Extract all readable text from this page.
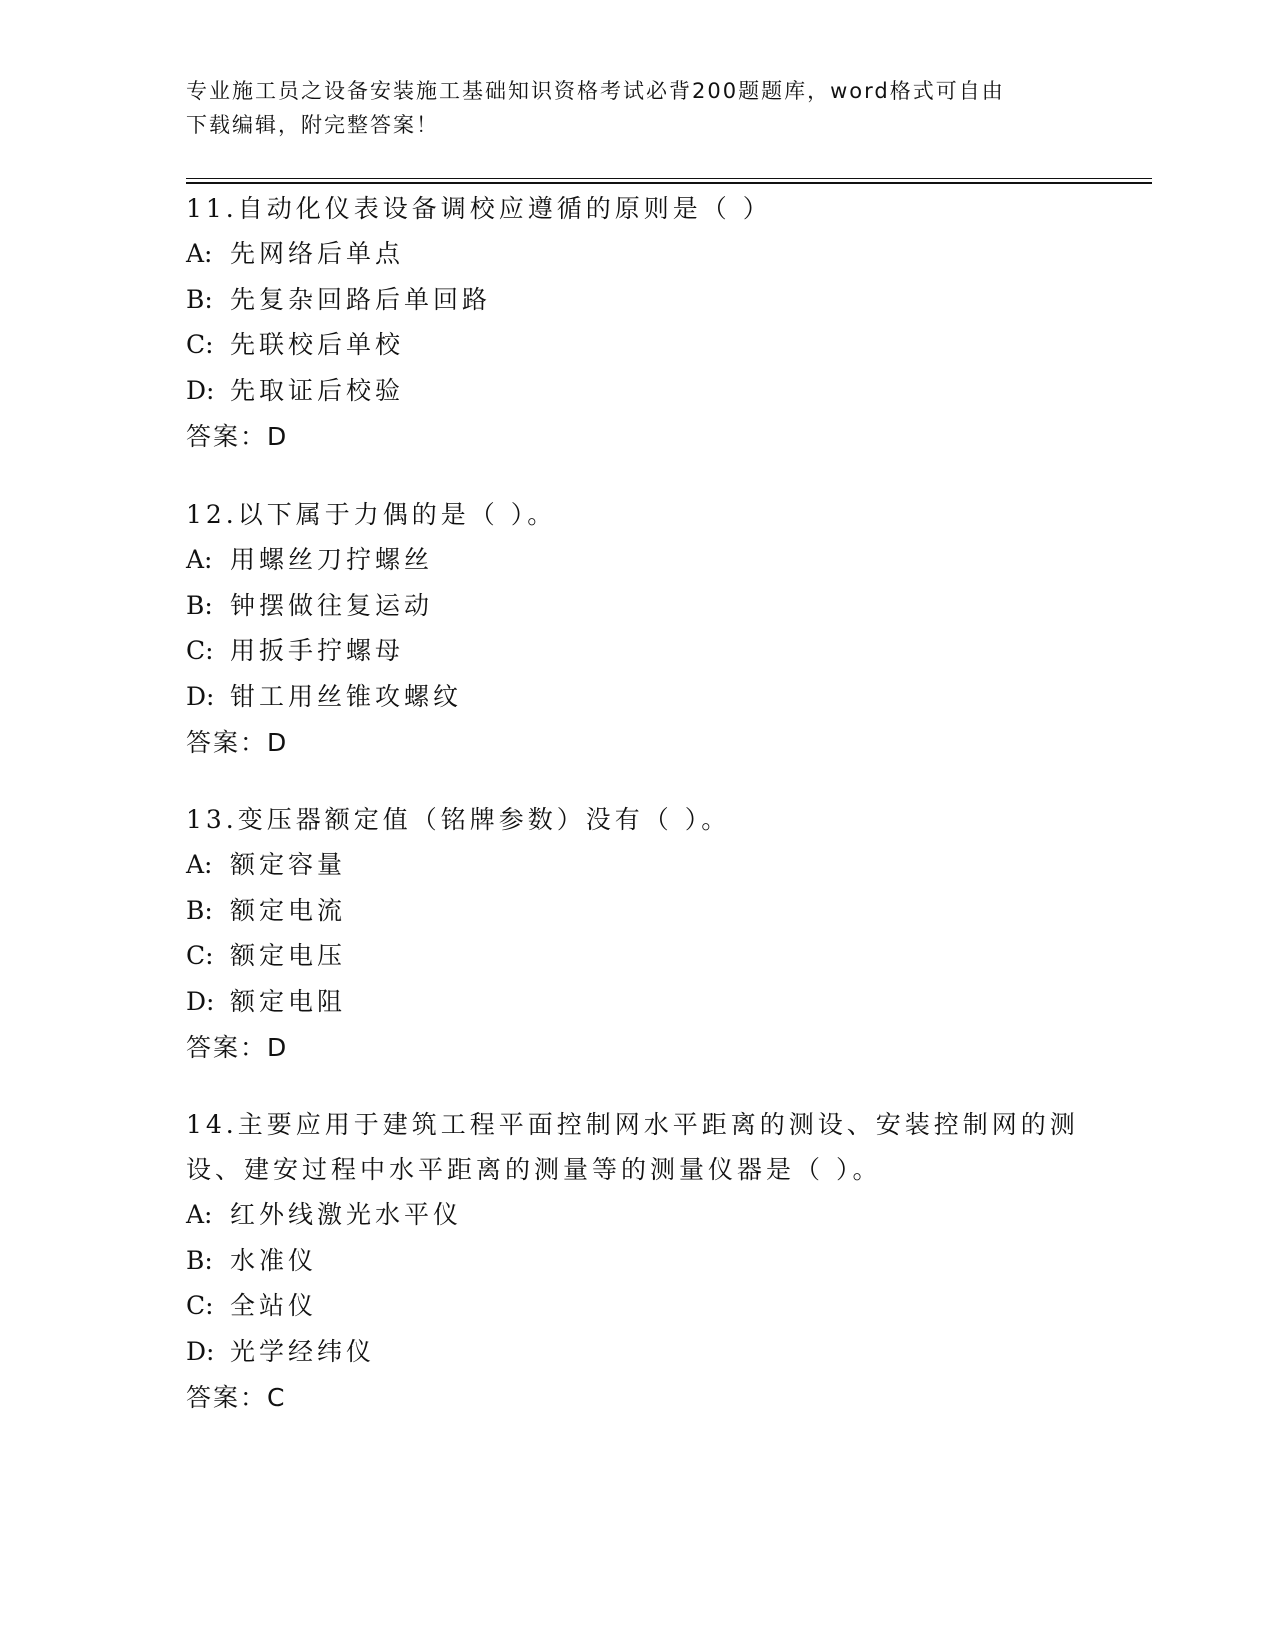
专业施工员之设备安装施工基础知识资格考试必背200题题库，word格式可自由
下载编辑，附完整答案！
11.自动化仪表设备调校应遵循的原则是（ ）
A: 先网络后单点
B: 先复杂回路后单回路
C: 先联校后单校
D: 先取证后校验
答案：D
12.以下属于力偶的是（ ）。
A: 用螺丝刀拧螺丝
B: 钟摆做往复运动
C: 用扳手拧螺母
D: 钳工用丝锥攻螺纹
答案：D
13.变压器额定值（铭牌参数）没有（ ）。
A: 额定容量
B: 额定电流
C: 额定电压
D: 额定电阻
答案：D
14.主要应用于建筑工程平面控制网水平距离的测设、安装控制网的测设、建安过程中水平距离的测量等的测量仪器是（ ）。
A: 红外线激光水平仪
B: 水准仪
C: 全站仪
D: 光学经纬仪
答案：C
